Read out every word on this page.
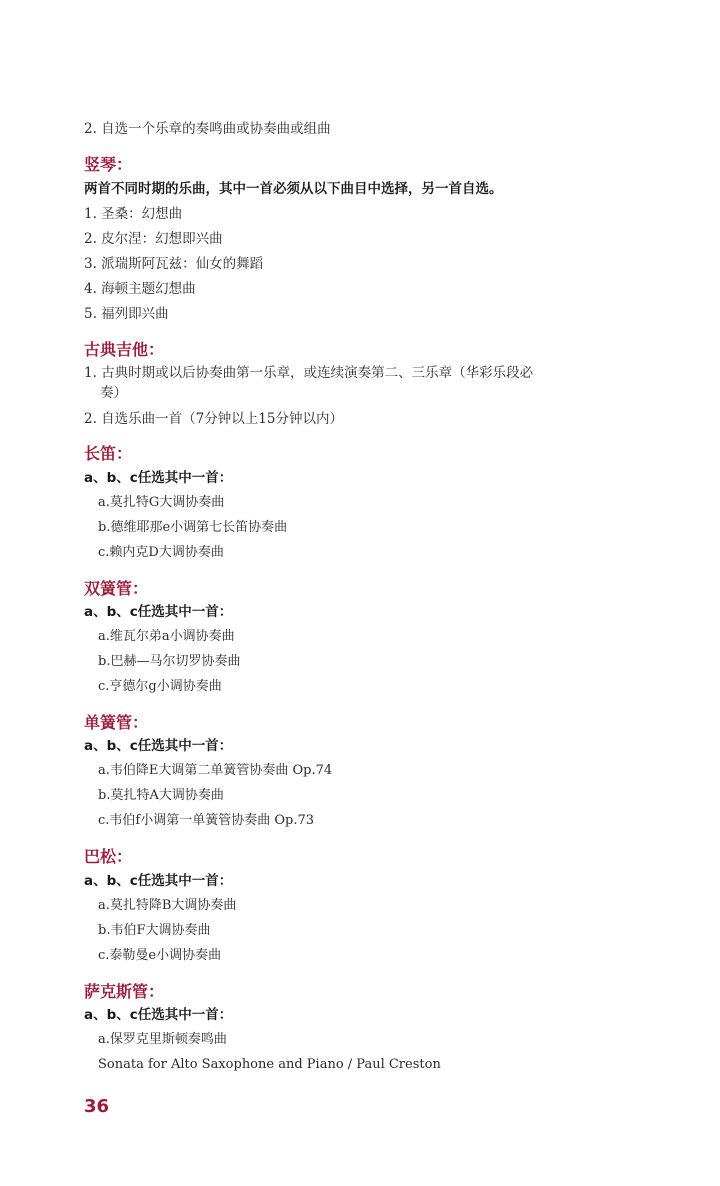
2. 自选一个乐章的奏鸣曲或协奏曲或组曲
竖琴：
两首不同时期的乐曲，其中一首必须从以下曲目中选择，另一首自选。
1. 圣桑：幻想曲
2. 皮尔涅：幻想即兴曲
3. 派瑞斯阿瓦兹：仙女的舞蹈
4. 海顿主题幻想曲
5. 福列即兴曲
古典吉他：
1. 古典时期或以后协奏曲第一乐章，或连续演奏第二、三乐章（华彩乐段必
奏）
2. 自选乐曲一首（7分钟以上15分钟以内）
长笛：
a、b、c任选其中一首：
a.莫扎特G大调协奏曲
b.德维耶那e小调第七长笛协奏曲
c.赖内克D大调协奏曲
双簧管：
a、b、c任选其中一首：
a.维瓦尔弟a小调协奏曲
b.巴赫—马尔切罗协奏曲
c.亨德尔g小调协奏曲
单簧管：
a、b、c任选其中一首：
a.韦伯降E大调第二单簧管协奏曲 Op.74
b.莫扎特A大调协奏曲
c.韦伯f小调第一单簧管协奏曲 Op.73
巴松：
a、b、c任选其中一首：
a.莫扎特降B大调协奏曲
b.韦伯F大调协奏曲
c.泰勒曼e小调协奏曲
萨克斯管：
a、b、c任选其中一首：
a.保罗克里斯顿奏鸣曲
Sonata for Alto Saxophone and Piano / Paul Creston
36
